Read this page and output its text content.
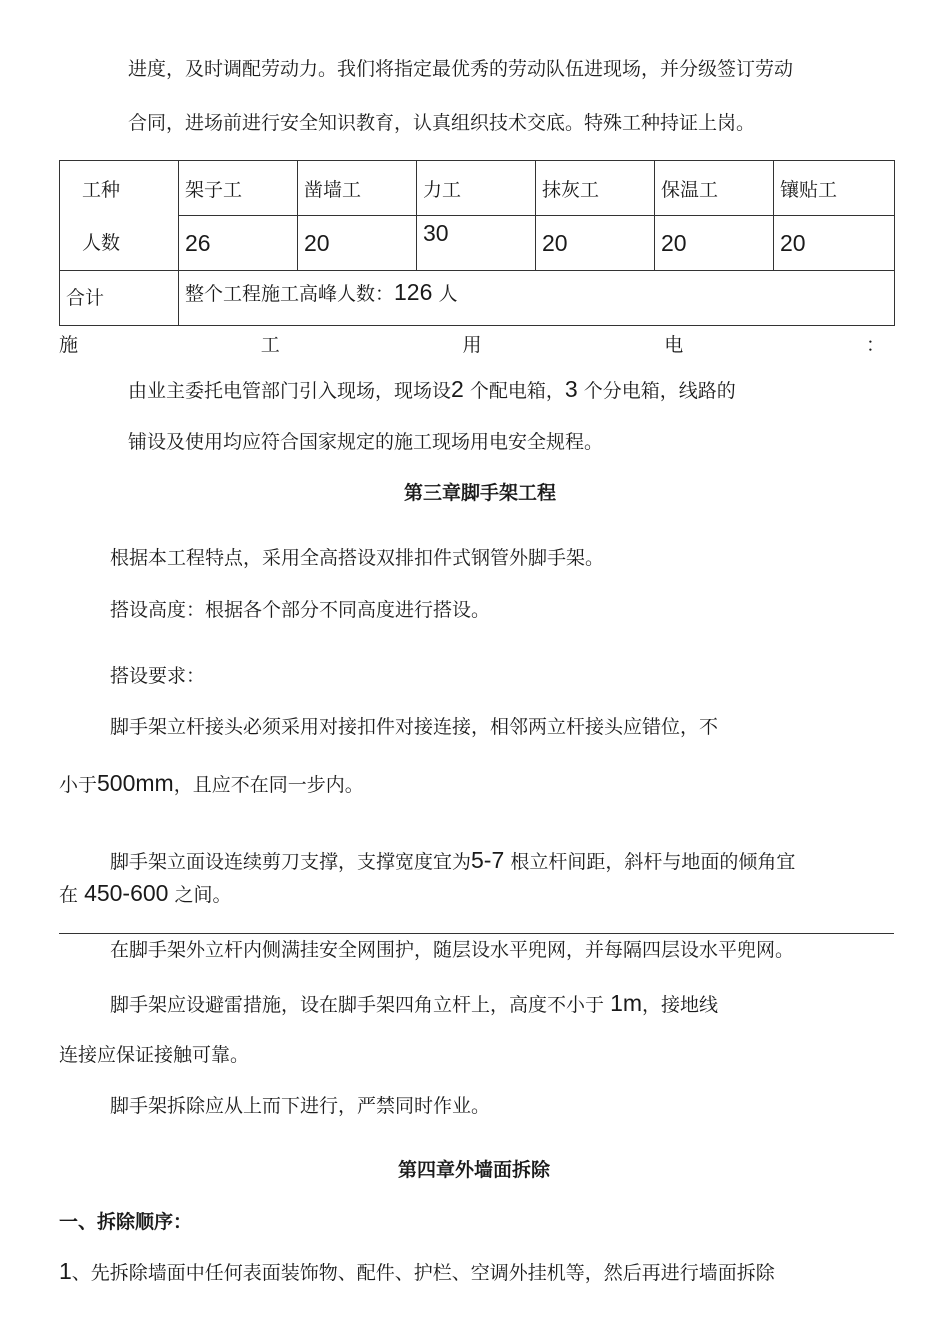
进度，及时调配劳动力。我们将指定最优秀的劳动队伍进现场，并分级签订劳动
合同，进场前进行安全知识教育，认真组织技术交底。特殊工种持证上岗。
工种	架子工	凿墙工	力工	抹灰工	保温工	镶贴工

人数	26	20	30	20	20	20

合计	整个工程施工高峰人数：126 人					
施	工	用	电	：
由业主委托电管部门引入现场，现场设2 个配电箱，3 个分电箱，线路的
铺设及使用均应符合国家规定的施工现场用电安全规程。
第三章脚手架工程
根据本工程特点，采用全高搭设双排扣件式钢管外脚手架。
搭设高度：根据各个部分不同高度进行搭设。
搭设要求：
脚手架立杆接头必须采用对接扣件对接连接，相邻两立杆接头应错位，不
小于500mm，且应不在同一步内。
脚手架立面设连续剪刀支撑，支撑宽度宜为5-7 根立杆间距，斜杆与地面的倾角宜
在 450-600 之间。
在脚手架外立杆内侧满挂安全网围护，随层设水平兜网，并每隔四层设水平兜网。
脚手架应设避雷措施，设在脚手架四角立杆上，高度不小于 1m，接地线
连接应保证接触可靠。
脚手架拆除应从上而下进行，严禁同时作业。
第四章外墙面拆除
一、拆除顺序：
1、先拆除墙面中任何表面装饰物、配件、护栏、空调外挂机等，然后再进行墙面拆除
